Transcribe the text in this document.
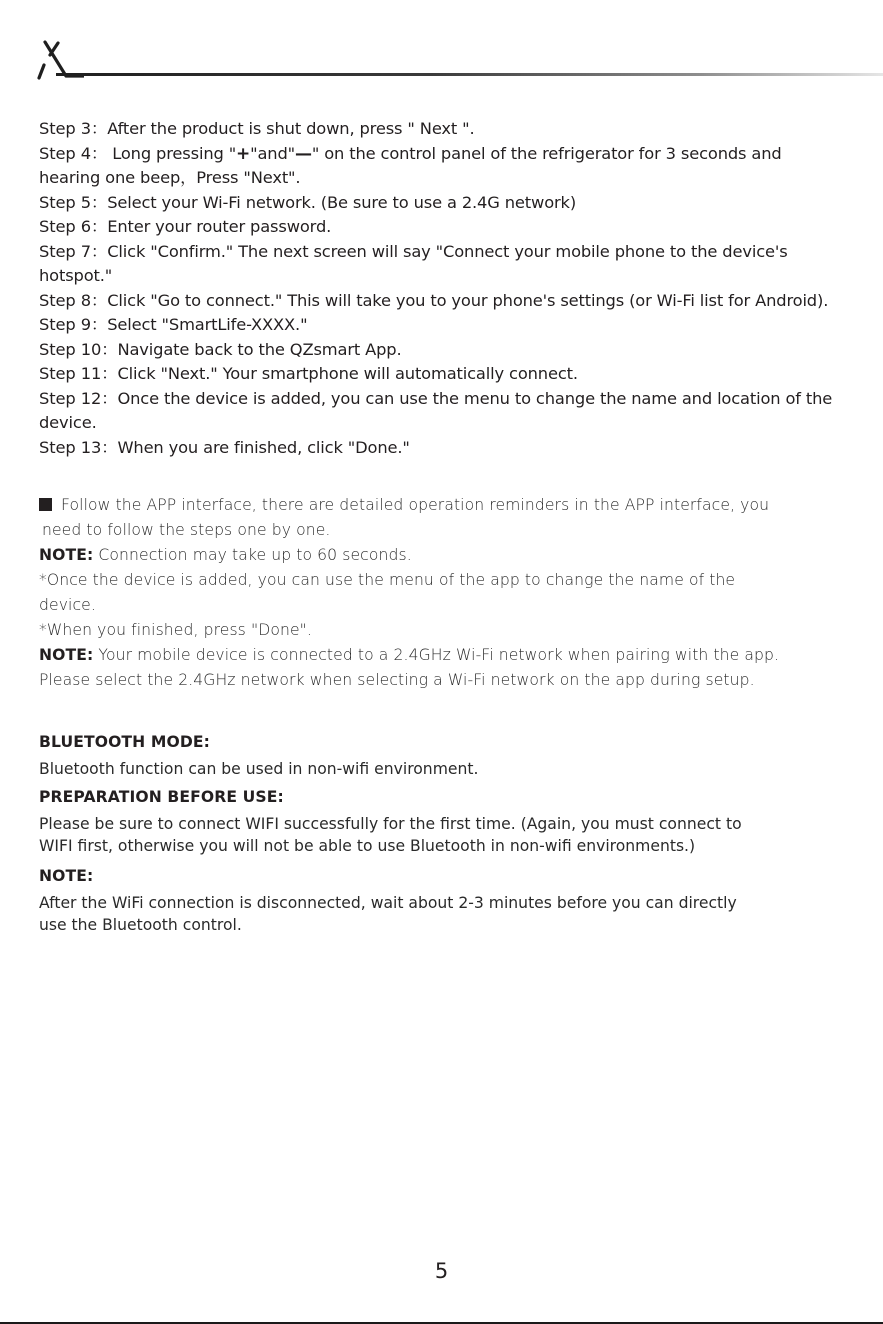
Step 3：After the product is shut down, press " Next ".

Step 4： Long pressing "+"and"—" on the control panel of the refrigerator for 3 seconds and

hearing one beep，Press "Next".

Step 5：Select your Wi-Fi network. (Be sure to use a 2.4G network)

Step 6：Enter your router password.

Step 7：Click "Confirm." The next screen will say "Connect your mobile phone to the device's

hotspot."

Step 8：Click "Go to connect." This will take you to your phone's settings (or Wi-Fi list for Android).

Step 9：Select "SmartLife-XXXX."

Step 10：Navigate back to the QZsmart App.

Step 11：Click "Next." Your smartphone will automatically connect.

Step 12：Once the device is added, you can use the menu to change the name and location of the

device.

Step 13：When you are finished, click "Done."

Follow the APP interface, there are detailed operation reminders in the APP interface, you

need to follow the steps one by one.

NOTE: Connection may take up to 60 seconds.

*Once the device is added, you can use the menu of the app to change the name of the

device.

*When you finished, press "Done".

NOTE: Your mobile device is connected to a 2.4GHz Wi-Fi network when pairing with the app.

Please select the 2.4GHz network when selecting a Wi-Fi network on the app during setup.

BLUETOOTH MODE:

Bluetooth function can be used in non-wifi environment.

PREPARATION BEFORE USE:

Please be sure to connect WIFI successfully for the first time. (Again, you must connect to

WIFI first, otherwise you will not be able to use Bluetooth in non-wifi environments.)

NOTE:

After the WiFi connection is disconnected, wait about 2-3 minutes before you can directly

use the Bluetooth control.

5
